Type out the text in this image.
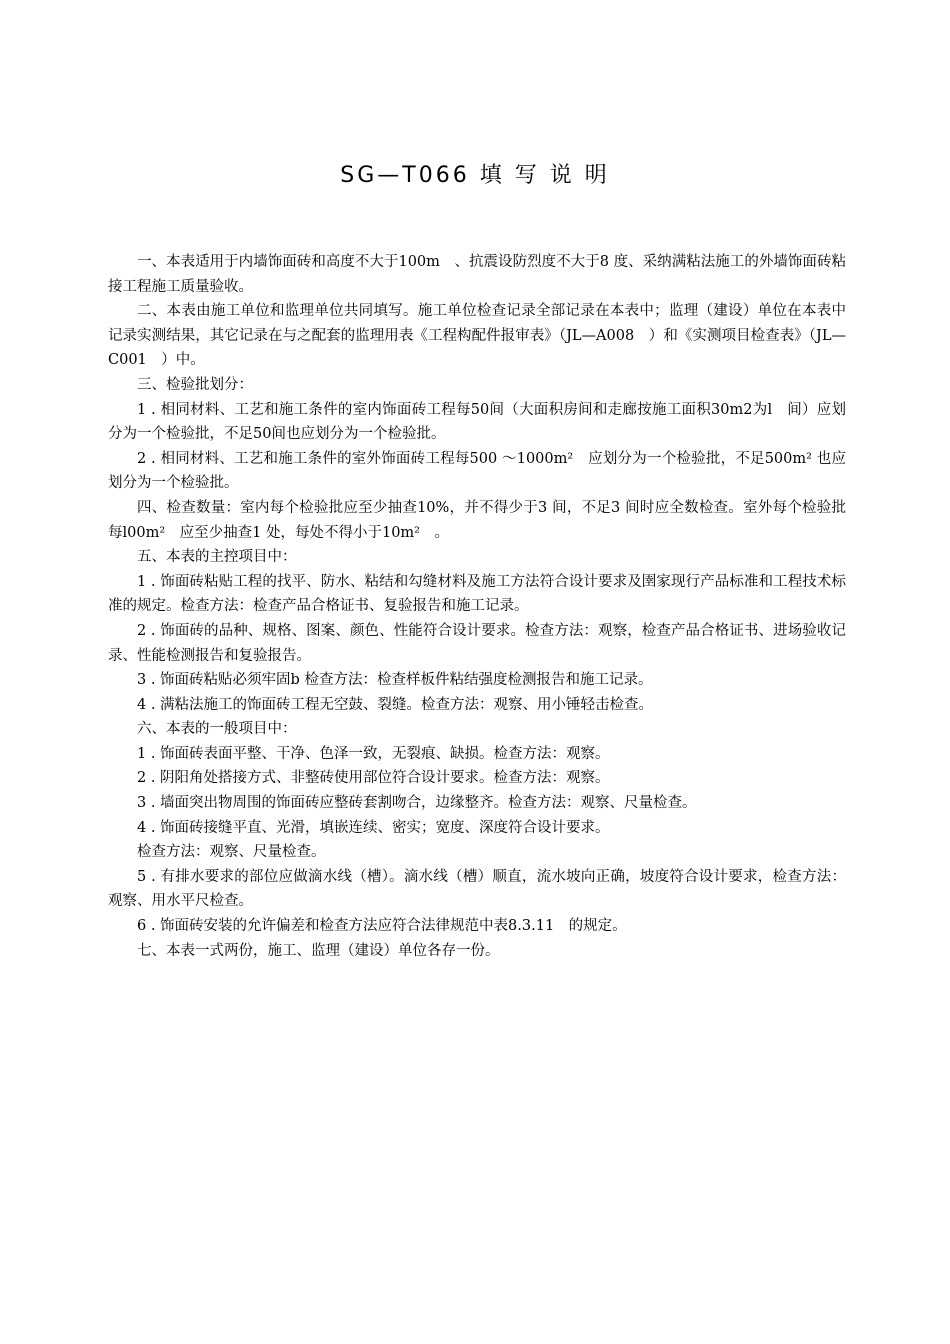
SG—T066 填 写 说 明

一、本表适用于内墙饰面砖和高度不大于100m　、抗震设防烈度不大于8 度、采纳满粘法施工的外墙饰面砖粘接工程施工质量验收。

二、本表由施工单位和监理单位共同填写。施工单位检查记录全部记录在本表中；监理（建设）单位在本表中记录实测结果，其它记录在与之配套的监理用表《工程构配件报审表》（JL—A008　）和《实测项目检查表》（JL—C001　）中。

三、检验批划分：

1 . 相同材料、工艺和施工条件的室内饰面砖工程每50间（大面积房间和走廊按施工面积30m2为l　间）应划分为一个检验批，不足50间也应划分为一个检验批。

2 . 相同材料、工艺和施工条件的室外饰面砖工程每500 ～1000m²　应划分为一个检验批，不足500m² 也应划分为一个检验批。

四、检查数量：室内每个检验批应至少抽查10%，并不得少于3 间，不足3 间时应全数检查。室外每个检验批每l00m²　应至少抽查1 处，每处不得小于10m²　。

五、本表的主控项目中：

1 . 饰面砖粘贴工程的找平、防水、粘结和勾缝材料及施工方法符合设计要求及圉家现行产品标准和工程技术标准的规定。检查方法：检查产品合格证书、复验报告和施工记录。

2 . 饰面砖的品种、规格、图案、颜色、性能符合设计要求。检查方法：观察，检查产品合格证书、进场验收记录、性能检测报告和复验报告。

3 . 饰面砖粘贴必须牢固b 检查方法：检查样板件粘结强度检测报告和施工记录。

4 . 满粘法施工的饰面砖工程无空鼓、裂缝。检查方法：观察、用小锤轻击检查。

六、本表的一般项目中：

1 . 饰面砖表面平整、干净、色泽一致，无裂痕、缺损。检查方法：观察。

2 . 阴阳角处搭接方式、非整砖使用部位符合设计要求。检查方法：观察。

3 . 墙面突出物周围的饰面砖应整砖套割吻合，边缘整齐。检查方法：观察、尺量检查。

4 . 饰面砖接缝平直、光滑，填嵌连续、密实；宽度、深度符合设计要求。

检查方法：观察、尺量检查。

5 . 有排水要求的部位应做滴水线（槽）。滴水线（槽）顺直，流水坡向正确，坡度符合设计要求，检查方法：观察、用水平尺检查。

6 . 饰面砖安装的允许偏差和检查方法应符合法律规范中表8.3.11　的规定。

七、本表一式两份，施工、监理（建设）单位各存一份。
